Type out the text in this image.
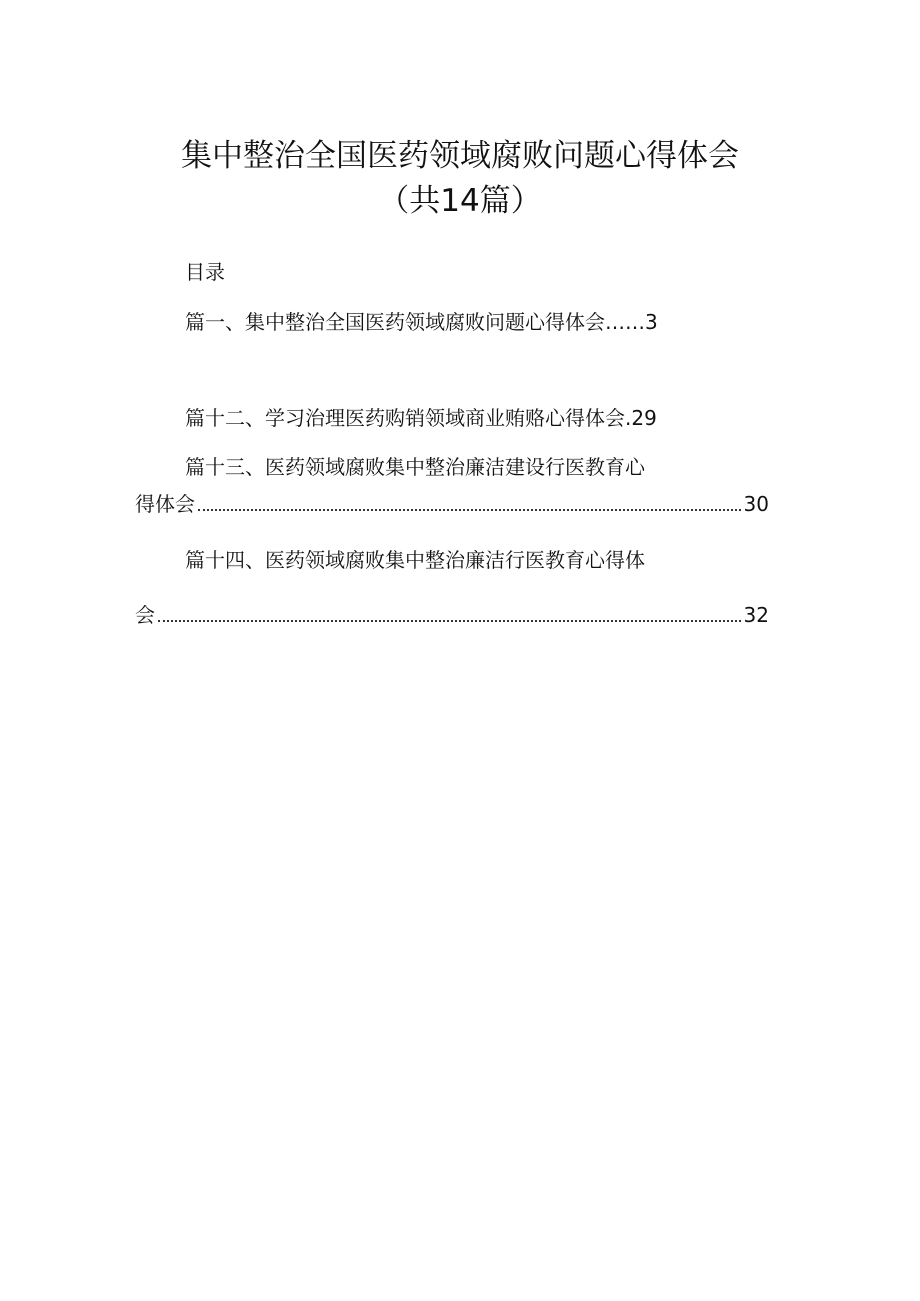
集中整治全国医药领域腐败问题心得体会
（共14篇）
目录
篇一、集中整治全国医药领域腐败问题心得体会……3
篇十二、学习治理医药购销领域商业贿赂心得体会.29
篇十三、医药领域腐败集中整治廉洁建设行医教育心
得体会	30
篇十四、医药领域腐败集中整治廉洁行医教育心得体
会	32
